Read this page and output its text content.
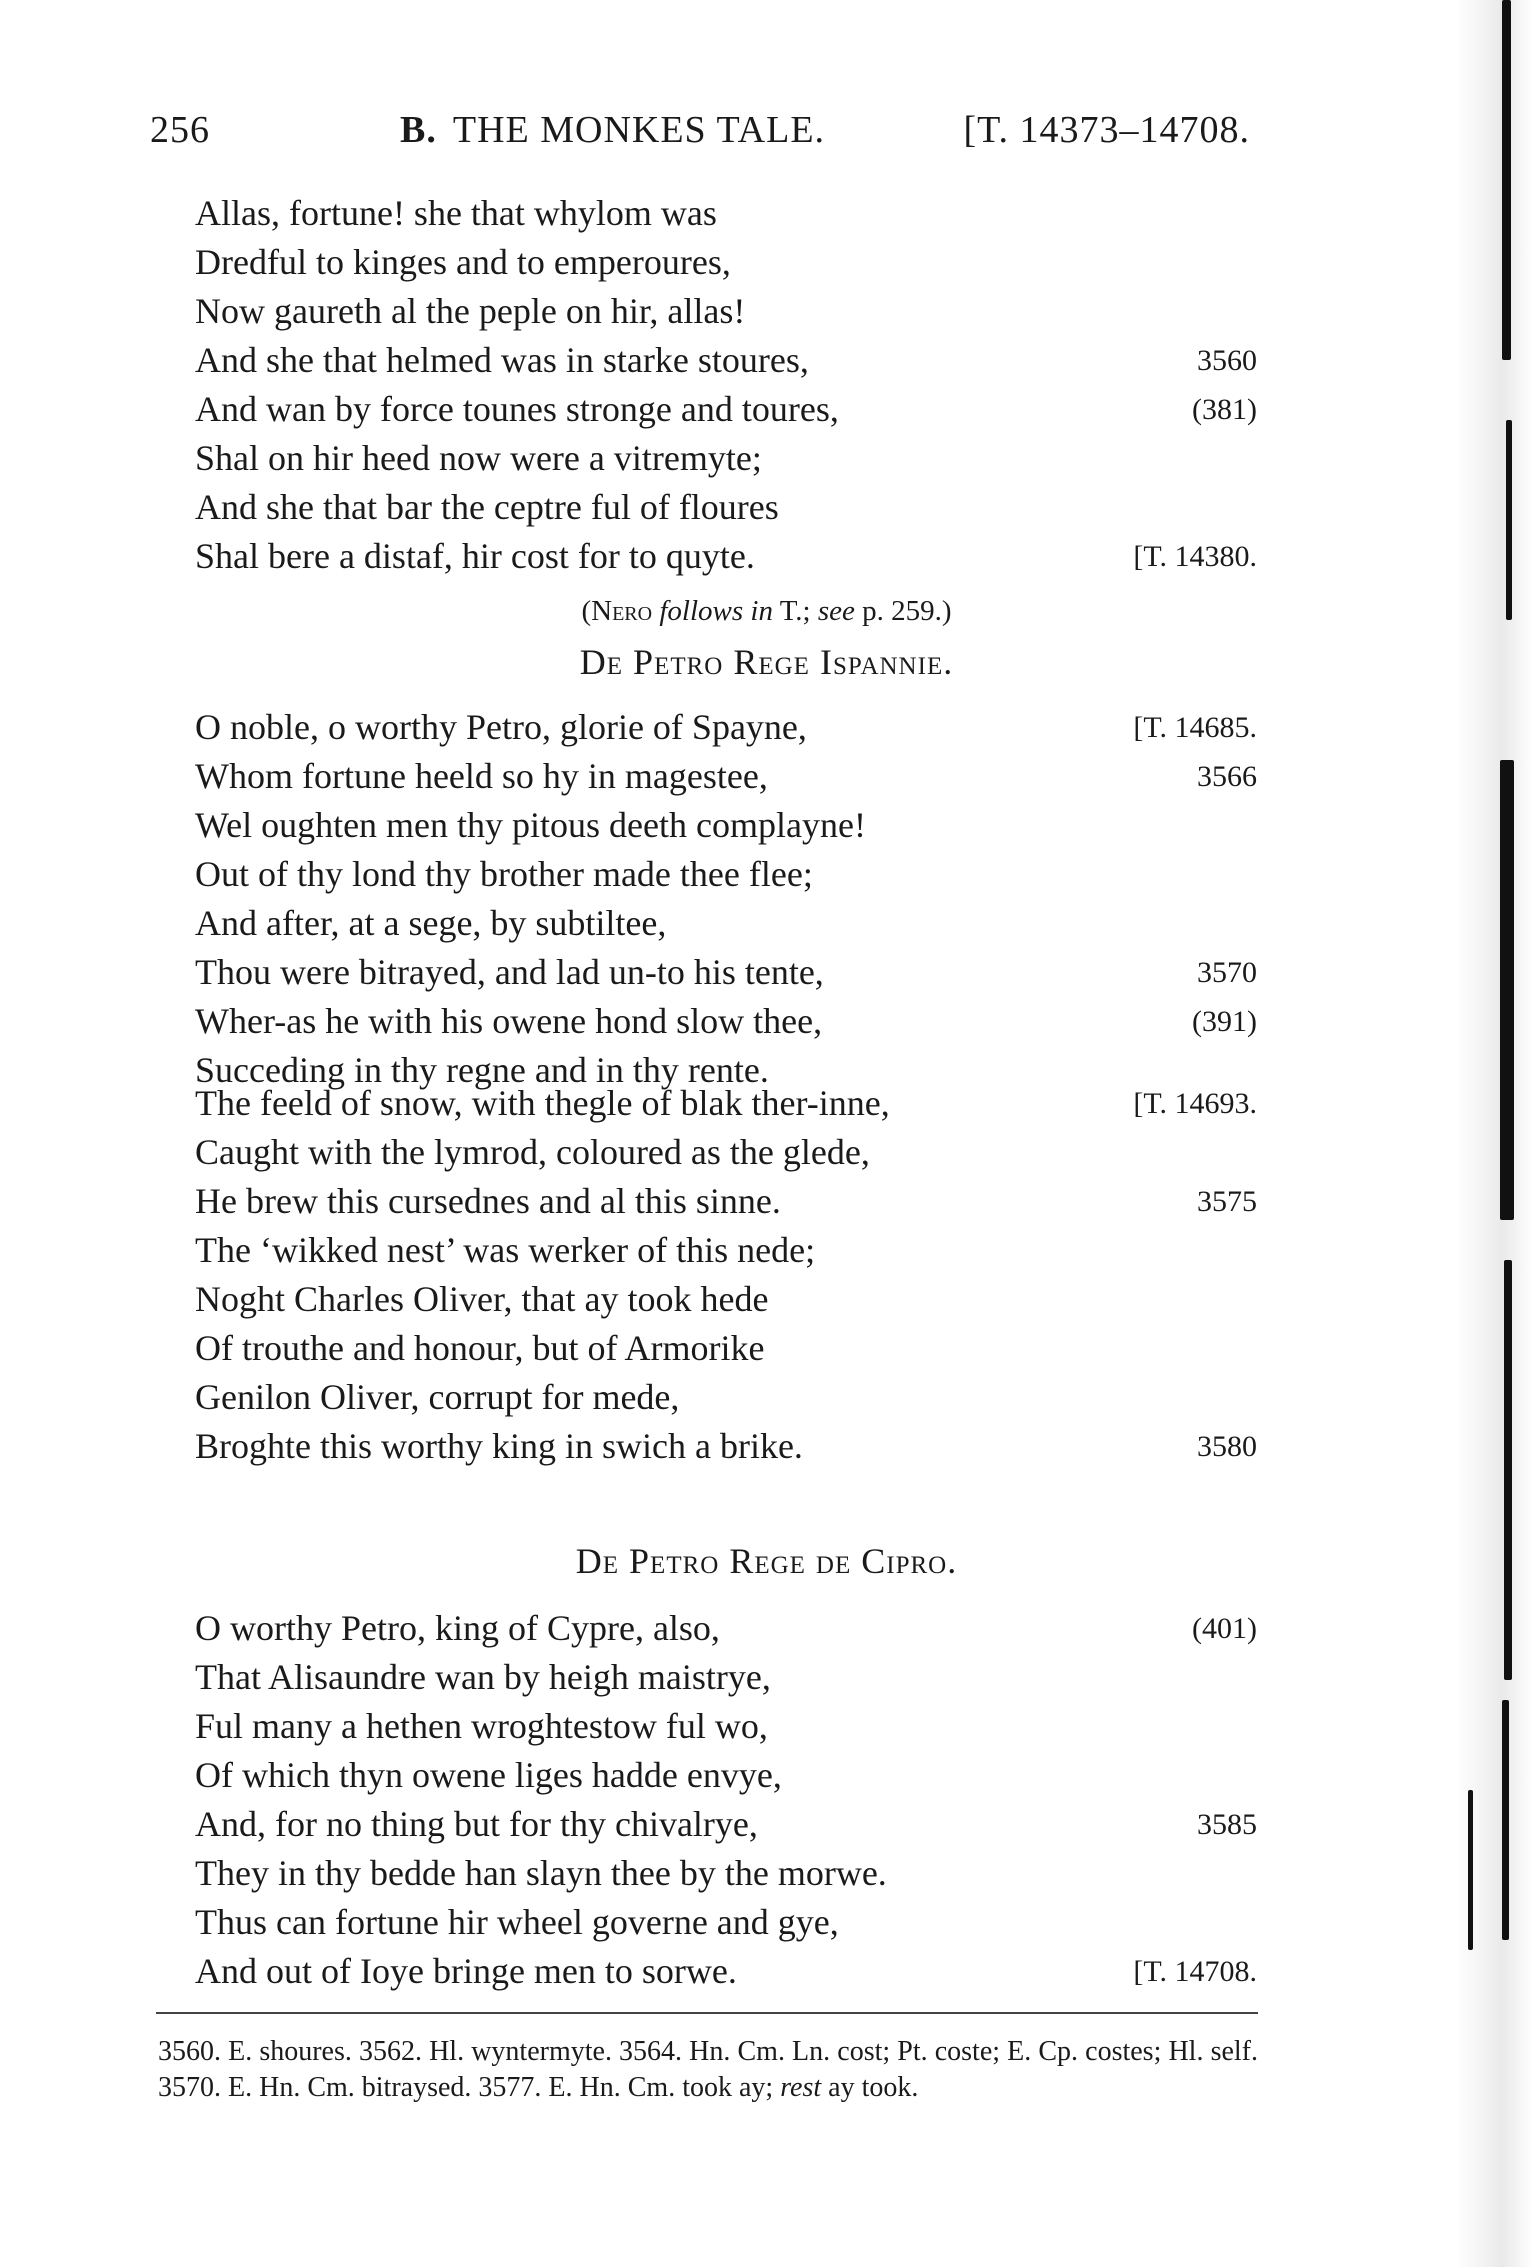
256	B. THE MONKES TALE.	[T. 14373–14708.
Allas, fortune! she that whylom was
Dredful to kinges and to emperoures,
Now gaureth al the peple on hir, allas!
And she that helmed was in starke stoures,	3560
And wan by force tounes stronge and toures,	(381)
Shal on hir heed now were a vitremyte;
And she that bar the ceptre ful of floures
Shal bere a distaf, hir cost for to quyte.	[T. 14380.
(Nero follows in T.; see p. 259.)
De Petro Rege Ispannie.
O noble, o worthy Petro, glorie of Spayne,	[T. 14685.
Whom fortune heeld so hy in magestee,	3566
Wel oughten men thy pitous deeth complayne!
Out of thy lond thy brother made thee flee;
And after, at a sege, by subtiltee,
Thou were bitrayed, and lad un-to his tente,	3570
Wher-as he with his owene hond slow thee,	(391)
Succeding in thy regne and in thy rente.
The feeld of snow, with thegle of blak ther-inne,	[T. 14693.
Caught with the lymrod, coloured as the glede,
He brew this cursednes and al this sinne.	3575
The ‘wikked nest’ was werker of this nede;
Noght Charles Oliver, that ay took hede
Of trouthe and honour, but of Armorike
Genilon Oliver, corrupt for mede,
Broghte this worthy king in swich a brike.	3580
De Petro Rege de Cipro.
O worthy Petro, king of Cypre, also,	(401)
That Alisaundre wan by heigh maistrye,
Ful many a hethen wroghtestow ful wo,
Of which thyn owene liges hadde envye,
And, for no thing but for thy chivalrye,	3585
They in thy bedde han slayn thee by the morwe.
Thus can fortune hir wheel governe and gye,
And out of Ioye bringe men to sorwe.	[T. 14708.
3560. E. shoures. 3562. Hl. wyntermyte. 3564. Hn. Cm. Ln. cost; Pt. coste; E. Cp. costes; Hl. self. 3570. E. Hn. Cm. bitraysed. 3577. E. Hn. Cm. took ay; rest ay took.
